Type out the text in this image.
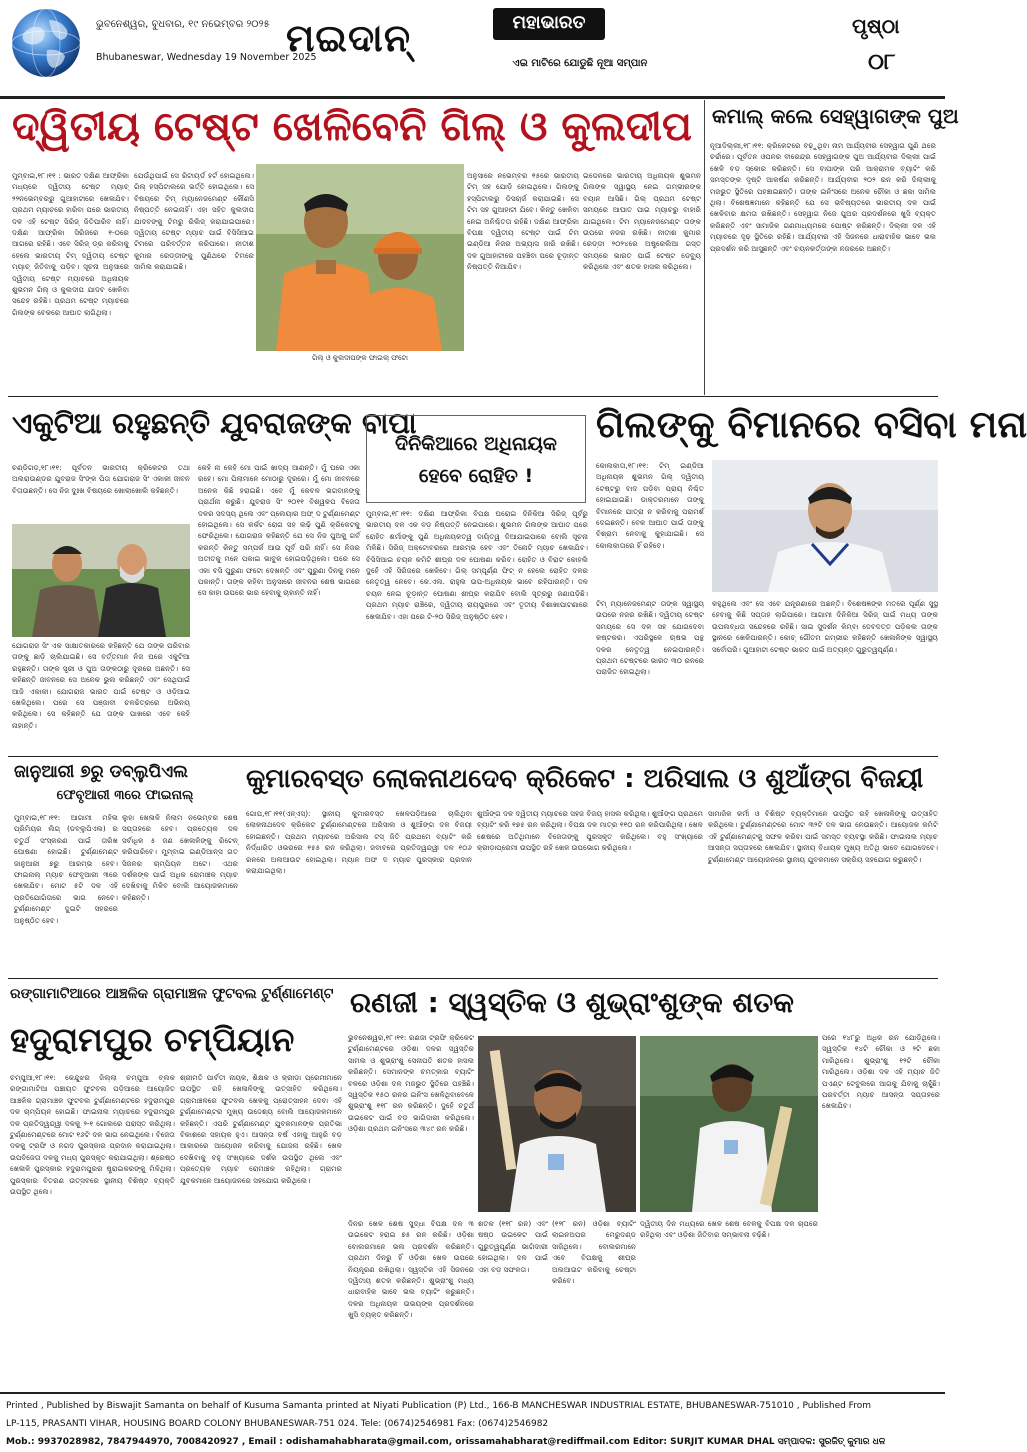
ଭୁବନେଶ୍ୱର, ବୁଧବାର, ୧୯ ନଭେମ୍ବର ୨୦୨୫
Bhubaneswar, Wednesday 19 November 2025
ମଇଦାନ୍	ମହାଭାରତ
ଏଇ ମାଟିରେ ଯୋଡୁଛି ନୂଆ ସମ୍ପାନ
ପୃଷ୍ଠା
୦୮
ଦ୍ୱିତୀୟ ଟେଷ୍ଟ ଖେଳିବେନି ଗିଲ୍ ଓ କୁଲଦୀପ
ମୁମ୍ବାଇ,୧୮।୧୧ : ଭାରତ ଦକ୍ଷିଣ ଆଫ୍ରିକା ମଧ୍ୟରେ ଦ୍ୱିତୀୟ ଟେଷ୍ଟ ମ୍ୟାଚ୍ ୨୨ନଭେମ୍ବରରୁ ଗୁଆହାଟୀରେ ଖେଳାଯିବ। ପ୍ରଥମ ମ୍ୟାଚରେ ହାରିବା ପରେ ଭାରତୀୟ ଦଳ ଏହି ଟେଷ୍ଟ ସିରିଜ୍ ଜିତିପାରିବ ନାହିଁ। ଦକ୍ଷିଣ ଆଫ୍ରିକା ସିରିଜରେ ୧-୦ରେ ଆଗରେ ରହିଛି। ଏବେ ସିରିଜ୍ ଡ୍ର କରିବାକୁ ହେଲେ ଭାରତୀୟ ଟିମ୍ ଦ୍ୱିତୀୟ ଟେଷ୍ଟ ମ୍ୟାଚ୍ ଜିତିବାକୁ ପଡ଼ିବ। ସୂଚନା ଅନୁସାରେ ଦ୍ୱିତୀୟ ଟେଷ୍ଟ ମ୍ୟାଚରେ ଅଧିନାୟକ ଶୁଭମନ ଗିଲ୍ ଓ କୁଲଦୀପ ଯାଦବ ଖେଳିବା ସନ୍ଦେହ ରହିଛି। ପ୍ରଥମ ଟେଷ୍ଟ ମ୍ୟାଚରେ ଗିଲଙ୍କ ବେକରେ ଆଘାତ ଲାଗିଥିଲା।
ଯେଉଁଥିପାଇଁ ସେ ରିଟାୟର୍ଡ ହର୍ଟ ହୋଇଥିଲେ। ଗିଲ୍ ହସ୍ପିଟାଲରେ ଭର୍ତ୍ତି ହୋଇଥିଲେ। ସେ ବିଷୟରେ ଟିମ୍ ମ୍ୟାନେଜମେଣ୍ଟ କୌଣସି ନିଷ୍ପତ୍ତି ନେଇନାହିଁ। ଏହା ସହିତ କୁଲଦୀପ ଯାଦବଙ୍କୁ ଟିମରୁ ରିଲିଜ୍ କରାଯାଇପାରେ। ଦ୍ୱିତୀୟ ଟେଷ୍ଟ ମ୍ୟାଚ ପାଇଁ ବିସିସିଆଇ ଟିମରେ ପରିବର୍ତ୍ତନ କରିପାରେ। ନୀତୀଶ କୁମାର ରେଡ୍ଡୀଙ୍କୁ ପୁଣିଥରେ ଟିମରେ ସାମିଲ କରାଯାଇଛି।
ଗିଲ୍ ଓ କୁଲଦୀପଙ୍କ ଫାଇଲ୍ ଫଟୋ
ଅନୁସାରେ ନଭେମ୍ବର ୧୫ରେ ଭାରତୀୟ ଟିମ୍ ସହ ଯୋଡ଼ି ହୋଇଥିଲେ। ଗିଲଙ୍କୁ ହସ୍ପିଟାଲରୁ ଡିସଚାର୍ଜ କରାଯାଇଛି। ସେ ଟିମ ସହ ଗୁଆହାଟୀ ଯିବେ। କିନ୍ତୁ ଖେଳିବା ନେଇ ଅନିଶ୍ଚିତତା ରହିଛି। ଦକ୍ଷିଣ ଆଫ୍ରିକା ବିପକ୍ଷ ଦ୍ୱିତୀୟ ଟେଷ୍ଟ ପାଇଁ ଟିମ ଇଣ୍ଡିଆ ନିଜର ଅଭ୍ୟାସ ଜାରି ରଖିଛି। ଦଳ ଗୁଆହାଟୀରେ ପହଞ୍ଚିବା ପରେ ଚୂଡ଼ାନ୍ତ ନିଷ୍ପତ୍ତି ନିଆଯିବ।
ଇଡେନରେ ଭାରତୀୟ ଅଧିନାୟକ ଶୁଭମନ ଗିଲଙ୍କ ସ୍ୱାସ୍ଥ୍ୟ ନେଇ ଗମ୍ଭୀରଙ୍କ ବୟାନ ଆସିଛି। ଗିଲ୍ ପ୍ରଥମ ଟେଷ୍ଟ ସମୟରେ ଆଘାତ ପାଇ ମ୍ୟାଚରୁ ବାହାରି ଯାଇଥିଲେ। ଟିମ ମ୍ୟାନେଜମେଣ୍ଟ ତାଙ୍କ ଉପରେ ନଜର ରଖିଛି। ନୀତୀଶ କୁମାର ରେଡ୍ଡୀ ୨୦୨୪ରେ ଅଷ୍ଟ୍ରେଲିଆ ଗସ୍ତ ସମୟରେ ଭାରତ ପାଇଁ ଟେଷ୍ଟ ଡେବ୍ୟୁ କରିଥିଲେ ଏବଂ ଶତକ ହାସଲ କରିଥିଲେ।
କମାଲ୍ କଲେ ସେହ୍ୱାଗଙ୍କ ପୁଅ
ନୂଆଦିଲ୍ଲୀ,୧୮।୧୧: କ୍ରିକେଟରେ ବଢ଼ୁଥିବା ନାମ ଆର୍ଯ୍ୟବୀର ସେହ୍ୱାଗ ପୁଣି ଥରେ ଚର୍ଚ୍ଚାରେ। ପୂର୍ବତନ ଓପନର ବୀରେନ୍ଦ୍ର ସେହ୍ୱାଗଙ୍କ ପୁଅ ଆର୍ଯ୍ୟବୀର ଦିଲ୍ଲୀ ପାଇଁ ଖେଳି ବଡ଼ ସ୍କୋର କରିଛନ୍ତି। ସେ ବାପାଙ୍କ ପରି ଆକ୍ରାମକ ବ୍ୟାଟିଂ କରି ସମସ୍ତଙ୍କ ଦୃଷ୍ଟି ଆକର୍ଷଣ କରିଛନ୍ତି। ଆର୍ଯ୍ୟବୀର ୨୦୨ ରନ କରି ଦିଲ୍ଲୀକୁ ମଜଭୁତ ସ୍ଥିତିରେ ପହଞ୍ଚାଇଛନ୍ତି। ତାଙ୍କ ଇନିଂସରେ ଅନେକ ଚୌକା ଓ ଛକା ସାମିଲ ଥିଲା। ବିଶେଷଜ୍ଞମାନେ କହିଛନ୍ତି ଯେ ସେ ଭବିଷ୍ୟତରେ ଭାରତୀୟ ଦଳ ପାଇଁ ଖେଳିବାର କ୍ଷମତା ରଖିଛନ୍ତି। ସେହ୍ୱାଗ ନିଜେ ପୁଅର ପ୍ରଦର୍ଶନରେ ଖୁସି ବ୍ୟକ୍ତ କରିଛନ୍ତି ଏବଂ ସାମାଜିକ ଗଣମାଧ୍ୟମରେ ପୋଷ୍ଟ କରିଛନ୍ତି। ଦିଲ୍ଲୀ ଦଳ ଏହି ମ୍ୟାଚରେ ଦୃଢ଼ ସ୍ଥିତିରେ ରହିଛି। ଆର୍ଯ୍ୟବୀର ଏହି ସିଜନରେ ଧାରାବାହିକ ଭାବେ ଭଲ ପ୍ରଦର୍ଶନ କରି ଆସୁଛନ୍ତି ଏବଂ ଚୟନକର୍ତ୍ତାଙ୍କ ନଜରରେ ଅଛନ୍ତି।
ଏକୁଟିଆ ରହୁଛନ୍ତି ଯୁବରାଜଙ୍କ ବାପା
ଚଣ୍ଡିଗଡ଼,୧୮।୧୧: ପୂର୍ବତନ ଭାରତୀୟ କ୍ରିକେଟର ତଥା ଅଲରାଉଣ୍ଡର ଯୁବରାଜ ସିଂଙ୍କ ପିତା ଯୋଗରାଜ ସିଂ ଏକାକୀ ଜୀବନ ବିତାଉଛନ୍ତି। ସେ ନିଜ ଦୁଃଖ ବିଷୟରେ ଖୋଲାଖୋଲି କହିଛନ୍ତି।
ଯୋଗରାଜ ସିଂ ଏକ ସାକ୍ଷାତକାରରେ କହିଛନ୍ତି ଯେ ତାଙ୍କ ପରିବାର ତାଙ୍କୁ ଛାଡ଼ି ଚାଲିଯାଇଛି। ସେ ବର୍ତ୍ତମାନ ନିଜ ଘରେ ଏକୁଟିଆ ରହୁଛନ୍ତି। ତାଙ୍କ ସ୍ତ୍ରୀ ଓ ପୁଅ ତାଙ୍କଠାରୁ ଦୂରରେ ଅଛନ୍ତି। ସେ କହିଛନ୍ତି ଜୀବନରେ ସେ ଅନେକ ଭୁଲ କରିଛନ୍ତି ଏବଂ ସେଥିପାଇଁ ଆଜି ଏକାକୀ। ଯୋଗରାଜ ଭାରତ ପାଇଁ ଟେଷ୍ଟ ଓ ଓଡ଼ିଆଇ ଖେଳିଥିଲେ। ପରେ ସେ ପଞ୍ଜାବୀ ଚଳଚ୍ଚିତ୍ରରେ ଅଭିନୟ କରିଥିଲେ। ସେ କହିଛନ୍ତି ଯେ ତାଙ୍କ ପାଖରେ ଏବେ କେହି ନାହାନ୍ତି।
କେହି ନା କେହି ମୋ ପାଇଁ ଖାଦ୍ୟ ଆଣନ୍ତି। ମୁଁ ଘରେ ଏକା ରହେ। ମୋ ପିଲାମାନେ ମୋଠାରୁ ଦୂରରେ। ମୁଁ ମୋ ଜୀବନରେ ଅନେକ କିଛି ହରାଇଛି। ଏବେ ମୁଁ କେବଳ ଭଗବାନଙ୍କୁ ପ୍ରାର୍ଥନା କରୁଛି। ଯୁବରାଜ ସିଂ ୨୦୧୧ ବିଶ୍ୱକପ ବିଜେତା ଦଳର ସଦସ୍ୟ ଥିଲେ ଏବଂ ପ୍ଲେୟାର ଅଫ୍ ଦ ଟୁର୍ଣ୍ଣାମେଣ୍ଟ ହୋଇଥିଲେ। ସେ କର୍କଟ ରୋଗ ସହ ଲଢ଼ି ପୁଣି କ୍ରିକେଟକୁ ଫେରିଥିଲେ। ଯୋଗରାଜ କହିଛନ୍ତି ଯେ ସେ ନିଜ ପୁଅକୁ ଗର୍ବ କରନ୍ତି କିନ୍ତୁ ସମ୍ପର୍କ ଆଉ ପୂର୍ବ ପରି ନାହିଁ। ସେ ନିଜର ଅତୀତକୁ ମନେ ପକାଇ ଭାବୁକ ହୋଇପଡ଼ିଥିଲେ। ଘରେ ସେ ଏକା ବସି ପୁରୁଣା ଫଟୋ ଦେଖନ୍ତି ଏବଂ ପୁରୁଣା ଦିନକୁ ମନେ ପକାନ୍ତି। ତାଙ୍କ କହିବା ଅନୁସାରେ ଜୀବନର ଶେଷ ଭାଗରେ ସେ କାହା ଉପରେ ଭାର ହେବାକୁ ଚାହାନ୍ତି ନାହିଁ।
ଦିନିକିଆରେ ଅଧିନାୟକ ହେବେ ରୋହିତ !
ମୁମ୍ବାଇ,୧୮।୧୧: ଦକ୍ଷିଣ ଆଫ୍ରିକା ବିପକ୍ଷ ଘରୋଇ ଦିନିକିଆ ସିରିଜ୍ ପୂର୍ବରୁ ଭାରତୀୟ ଦଳ ଏକ ବଡ଼ ନିଷ୍ପତ୍ତି ନେଇପାରେ। ଶୁଭମନ ଗିଲଙ୍କ ଆଘାତ ପରେ ରୋହିତ ଶର୍ମାଙ୍କୁ ପୁଣି ଅଧିନାୟକତ୍ୱ ଦାୟିତ୍ୱ ଦିଆଯାଇପାରେ ବୋଲି ସୂଚନା ମିଳିଛି। ସିରିଜ୍ ଅକ୍ଟୋବରରେ ଆରମ୍ଭ ହେବ ଏବଂ ତିନୋଟି ମ୍ୟାଚ ଖେଳାଯିବ। ବିସିସିଆଇ ଚୟନ କମିଟି ଶୀଘ୍ର ଦଳ ଘୋଷଣା କରିବ। ରୋହିତ ଓ ବିରାଟ କୋହଲି ଦୁହେଁ ଏହି ସିରିଜରେ ଖେଳିବେ। ଗିଲ୍ ସମ୍ପୂର୍ଣ୍ଣ ଫିଟ୍ ନ ହେଲେ ରୋହିତ ଦଳର ନେତୃତ୍ୱ ନେବେ। କେ.ଏଲ. ରାହୁଲ ଉପ-ଅଧିନାୟକ ଭାବେ ରହିପାରନ୍ତି। ଦଳ ଚୟନ ନେଇ ଚୂଡ଼ାନ୍ତ ଘୋଷଣା ଶୀଘ୍ର କରାଯିବ ବୋଲି ସୂତ୍ରରୁ ଜଣାପଡ଼ିଛି। ପ୍ରଥମ ମ୍ୟାଚ ରାଞ୍ଚିରେ, ଦ୍ୱିତୀୟ ରାୟପୁରରେ ଏବଂ ତୃତୀୟ ବିଶାଖାପାଟଣାରେ ଖେଳାଯିବ। ଏହା ପରେ ଟି-୨୦ ସିରିଜ୍ ଅନୁଷ୍ଠିତ ହେବ।
ଗିଲଙ୍କୁ ବିମାନରେ ବସିବା ମନା
କୋଲକାତା,୧୮।୧୧: ଟିମ୍ ଇଣ୍ଡିଆ ଅଧିନାୟକ ଶୁଭମନ ଗିଲ୍ ଦ୍ୱିତୀୟ ଟେଷ୍ଟରୁ ବାଦ ପଡ଼ିବା ପ୍ରାୟ ନିଶ୍ଚିତ ହୋଇଯାଇଛି। ଡାକ୍ତରମାନେ ତାଙ୍କୁ ବିମାନରେ ଯାତ୍ରା ନ କରିବାକୁ ପରାମର୍ଶ ଦେଇଛନ୍ତି। ବେକ ଆଘାତ ପାଇଁ ତାଙ୍କୁ ବିଶ୍ରାମ ନେବାକୁ କୁହାଯାଇଛି। ସେ କୋଲକାତାରେ ହିଁ ରହିବେ।
ଟିମ୍ ମ୍ୟାନେଜମେଣ୍ଟ ତାଙ୍କ ସ୍ୱାସ୍ଥ୍ୟ ଉପରେ ନଜର ରଖିଛି। ଦ୍ୱିତୀୟ ଟେଷ୍ଟ ସମୟରେ ସେ ଦଳ ସହ ଯୋଗଦେବା କଷ୍ଟକର। ଏପରିସ୍ଥଳେ ଋଷଭ ପନ୍ଥ ଦଳର ନେତୃତ୍ୱ ନେଇପାରନ୍ତି। ପ୍ରଥମ ଟେଷ୍ଟରେ ଭାରତ ୩୦ ରନରେ ପରାଜିତ ହୋଇଥିଲା।
କହୁଥିଲେ ଏବଂ ସେ ଏବେ ଯନ୍ତ୍ରଣାରେ ଅଛନ୍ତି। ବିଶେଷଜ୍ଞଙ୍କ ମତରେ ପୂର୍ଣ୍ଣ ସୁସ୍ଥ ହେବାକୁ କିଛି ସପ୍ତାହ ଲାଗିପାରେ। ଆଗାମୀ ଦିନିକିଆ ସିରିଜ୍ ପାଇଁ ମଧ୍ୟ ତାଙ୍କ ଉପଲବ୍ଧତା ସନ୍ଦେହରେ ରହିଛି। ସାଇ ସୁଦର୍ଶନ କିମ୍ବା ଦେବଦତ୍ତ ପଡ଼ିକଲ ତାଙ୍କ ସ୍ଥାନରେ ଖେଳିପାରନ୍ତି। କୋଚ୍ ଗୌତମ ଗମ୍ଭୀର କହିଛନ୍ତି ଖେଳାଳିଙ୍କ ସ୍ୱାସ୍ଥ୍ୟ ସର୍ବୋପରି। ଗୁଆହାଟୀ ଟେଷ୍ଟ ଭାରତ ପାଇଁ ଅତ୍ୟନ୍ତ ଗୁରୁତ୍ୱପୂର୍ଣ୍ଣ।
ଜାନୁଆରୀ ୭ରୁ ଡବ୍ଲୁପିଏଲ
ଫେବୃଆରୀ ୩ରେ ଫାଇନାଲ୍
ମୁମ୍ବାଇ,୧୮।୧୧: ଆଗାମୀ ମହିଳା ପ୍ରିମିୟର ଲିଗ୍ (ଡବ୍ଲୁପିଏଲ) ର ଚତୁର୍ଥ ସଂସ୍କରଣ ପାଇଁ ତାରିଖ ଘୋଷଣା ହୋଇଛି। ଟୁର୍ଣ୍ଣାମେଣ୍ଟ ଜାନୁଆରୀ ୭ରୁ ଆରମ୍ଭ ହେବ। ଫାଇନାଲ୍ ମ୍ୟାଚ ଫେବୃଆରୀ ୩ରେ ଖେଳାଯିବ। ମୋଟ ୫ଟି ଦଳ ଏହି ପ୍ରତିଯୋଗିତାରେ ଭାଗ ନେବେ। ଟୁର୍ଣ୍ଣାମେଣ୍ଟ ଦୁଇଟି ସହରରେ ଅନୁଷ୍ଠିତ ହେବ।
ଲୁହା ଖେଳାଳି ନିଲାମ ନଭେମ୍ବର ଶେଷ ସପ୍ତାହରେ ହେବ। ପ୍ରତ୍ୟେକ ଦଳ ସର୍ବାଧିକ ୫ ଜଣ ଖେଳାଳିଙ୍କୁ ରିଟେନ୍ କରିପାରିବେ। ମୁମ୍ବାଇ ଇଣ୍ଡିଆନ୍ସ ଗତ ସିଜନର ଚାମ୍ପିୟନ ଅଟେ। ଏଥର ଦର୍ଶକଙ୍କ ପାଇଁ ଅଧିକ ରୋମାଞ୍ଚକ ମ୍ୟାଚ ଦେଖିବାକୁ ମିଳିବ ବୋଲି ଆୟୋଜକମାନେ କହିଛନ୍ତି।
କୁମାରବସ୍ତ ଲୋକନାଥଦେବ କ୍ରିକେଟ : ଅରିସାଲ ଓ ଶୁଆଁଙ୍ଗ ବିଜୟୀ
ଗୋପ,୧୮।୧୧(ଏନ୍‌ଏସ୍): ସ୍ଥାନୀୟ କୁମାରବସ୍ତ ଖେଳପଡ଼ିଆରେ ଚାଲିଥିବା ଲୋକନାଥଦେବ କ୍ରିକେଟ ଟୁର୍ଣ୍ଣାମେଣ୍ଟରେ ଅରିସାଲ ଓ ଶୁଆଁଙ୍ଗ ଦଳ ବିଜୟୀ ହୋଇଛନ୍ତି। ପ୍ରଥମ ମ୍ୟାଚରେ ଅରିସାଲ ଟସ୍ ଜିତି ପ୍ରଥମେ ବ୍ୟାଟିଂ କରି ନିର୍ଦ୍ଧାରିତ ଓଭରରେ ୧୫୫ ରନ କରିଥିଲା। ଜବାବରେ ପ୍ରତିଦ୍ୱନ୍ଦ୍ୱୀ ଦଳ ୧୦୬ ରନରେ ଅଲଆଉଟ ହୋଇଥିଲା। ମ୍ୟାନ ଅଫ ଦ ମ୍ୟାଚ ପୁରସ୍କାର ପ୍ରଦାନ କରାଯାଇଥିଲା।
ଶୁଆଁଙ୍ଗ ଦଳ ଦ୍ୱିତୀୟ ମ୍ୟାଚରେ ସହଜ ବିଜୟ ହାସଲ କରିଥିଲା। ଶୁଆଁଙ୍ଗ ପ୍ରଥମେ ବ୍ୟାଟିଂ କରି ୧୭୫ ରନ କରିଥିଲା। ବିପକ୍ଷ ଦଳ ମାତ୍ର ୧୧୦ ରନ କରିପାରିଥିଲା। ଖେଳ ଶେଷରେ ଅତିଥିମାନେ ବିଜେତାଙ୍କୁ ପୁରସ୍କୃତ କରିଥିଲେ। ବହୁ ସଂଖ୍ୟାରେ କ୍ରୀଡ଼ାପ୍ରେମୀ ଉପସ୍ଥିତ ରହି ଖେଳ ଉପଭୋଗ କରିଥିଲେ।
ସାମାଜିକ କର୍ମୀ ଓ ବିଶିଷ୍ଟ ବ୍ୟକ୍ତିମାନେ ଉପସ୍ଥିତ ରହି ଖେଳାଳିଙ୍କୁ ଉତ୍ସାହିତ କରିଥିଲେ। ଟୁର୍ଣ୍ଣାମେଣ୍ଟରେ ମୋଟ ୩୨ଟି ଦଳ ଭାଗ ନେଉଛନ୍ତି। ଆୟୋଜକ କମିଟି ଏହି ଟୁର୍ଣ୍ଣାମେଣ୍ଟକୁ ସଫଳ କରିବା ପାଇଁ ସମସ୍ତ ବ୍ୟବସ୍ଥା କରିଛି। ଫାଇନାଲ ମ୍ୟାଚ ଆସନ୍ତା ସପ୍ତାହରେ ଖେଳାଯିବ। ସ୍ଥାନୀୟ ବିଧାୟକ ମୁଖ୍ୟ ଅତିଥି ଭାବେ ଯୋଗଦେବେ। ଟୁର୍ଣ୍ଣାମେଣ୍ଟ ଆୟୋଜନରେ ସ୍ଥାନୀୟ ଯୁବକମାନେ ସକ୍ରିୟ ସହଯୋଗ କରୁଛନ୍ତି।
ରଙ୍ଗାମାଟିଆରେ ଆଞ୍ଚଳିକ ଗ୍ରାମାଞ୍ଚଳ ଫୁଟବଲ ଟୁର୍ଣ୍ଣାମେଣ୍ଟ
ହଦୁରାମପୁର ଚମ୍ପିୟାନ
ଚମ୍ପୁଆ,୧୮।୧୧: କେନ୍ଦୁଝର ଜିଲ୍ଲା ଚମ୍ପୁଆ ବ୍ଲକ ରଙ୍ଗାମାଟିଆ ପଞ୍ଚାୟତ ଫୁଟବଲ ପଡ଼ିଆରେ ଆୟୋଜିତ ଆଞ୍ଚଳିକ ଗ୍ରାମାଞ୍ଚଳ ଫୁଟବଲ ଟୁର୍ଣ୍ଣାମେଣ୍ଟରେ ହଦୁରାମପୁର ଦଳ ଚାମ୍ପିୟନ ହୋଇଛି। ଫାଇନାଲ ମ୍ୟାଚରେ ହଦୁରାମପୁର ଦଳ ପ୍ରତିଦ୍ୱନ୍ଦ୍ୱୀ ଦଳକୁ ୨-୧ ଗୋଲରେ ପରାସ୍ତ କରିଥିଲା। ଟୁର୍ଣ୍ଣାମେଣ୍ଟରେ ମୋଟ ୧୬ଟି ଦଳ ଭାଗ ନେଇଥିଲେ। ବିଜେତା ଦଳକୁ ଟ୍ରଫି ଓ ନଗଦ ପୁରସ୍କାର ପ୍ରଦାନ କରାଯାଇଥିଲା। ଉପବିଜେତା ଦଳକୁ ମଧ୍ୟ ପୁରସ୍କୃତ କରାଯାଇଥିଲା। ଶ୍ରେଷ୍ଠ ଖେଳାଳି ପୁରସ୍କାର ହଦୁରାମପୁରର ଷ୍ଟ୍ରାଇକରଙ୍କୁ ମିଳିଥିଲା। ପୁରସ୍କାର ବିତରଣ ଉତ୍ସବରେ ସ୍ଥାନୀୟ ବିଶିଷ୍ଟ ବ୍ୟକ୍ତି ଉପସ୍ଥିତ ଥିଲେ।
ଶ୍ରୀମତି ପାର୍ବତୀ ନାୟକ, ଶିକ୍ଷକ ଓ କ୍ରୀଡ଼ା ପ୍ରେମୀମାନେ ଉପସ୍ଥିତ ରହି ଖେଳାଳିଙ୍କୁ ଉତ୍ସାହିତ କରିଥିଲେ। ଗ୍ରାମାଞ୍ଚଳରେ ଫୁଟବଲ ଖେଳକୁ ପ୍ରୋତ୍ସାହନ ଦେବା ଏହି ଟୁର୍ଣ୍ଣାମେଣ୍ଟର ମୁଖ୍ୟ ଉଦ୍ଦେଶ୍ୟ ବୋଲି ଆୟୋଜକମାନେ କହିଛନ୍ତି। ଏପରି ଟୁର୍ଣ୍ଣାମେଣ୍ଟ ଯୁବକମାନଙ୍କ ପ୍ରତିଭା ବିକାଶରେ ସହାୟକ ହୁଏ। ଆସନ୍ତା ବର୍ଷ ଏହାକୁ ଆହୁରି ବଡ଼ ଆକାରରେ ଆୟୋଜନ କରିବାକୁ ଯୋଜନା ରହିଛି। ଖେଳ ଦେଖିବାକୁ ବହୁ ସଂଖ୍ୟାରେ ଦର୍ଶକ ଉପସ୍ଥିତ ଥିଲେ ଏବଂ ପ୍ରତ୍ୟେକ ମ୍ୟାଚ ରୋମାଞ୍ଚକ ରହିଥିଲା। ଗ୍ରାମର ଯୁବକମାନେ ଆୟୋଜନରେ ସହଯୋଗ କରିଥିଲେ।
ରଣଜୀ : ସ୍ୱସ୍ତିକ ଓ ଶୁଭ୍ରାଂଶୁଙ୍କ ଶତକ
ଭୁବନେଶ୍ୱର,୧୮।୧୧: ରଣଜୀ ଟ୍ରଫି କ୍ରିକେଟ ଟୁର୍ଣ୍ଣାମେଣ୍ଟରେ ଓଡ଼ିଶା ଦଳର ସ୍ୱସ୍ତିକ ସାମଲ ଓ ଶୁଭ୍ରାଂଶୁ ସେନାପତି ଶତକ ହାସଲ କରିଛନ୍ତି। ସେମାନଙ୍କ ଚମତ୍କାର ବ୍ୟାଟିଂ ବଳରେ ଓଡ଼ିଶା ଦଳ ମଜଭୁତ ସ୍ଥିତିରେ ପହଞ୍ଚିଛି। ସ୍ୱସ୍ତିକ ୧୫୦ ରନର ଇନିଂସ ଖେଳିଥିବାବେଳେ ଶୁଭ୍ରାଂଶୁ ୧୧୮ ରନ କରିଛନ୍ତି। ଦୁହେଁ ଚତୁର୍ଥ ଉଇକେଟ ପାଇଁ ବଡ଼ ଭାଗିଦାରୀ କରିଥିଲେ। ଓଡ଼ିଶା ପ୍ରଥମ ଇନିଂସରେ ୩୪୯ ରନ କରିଛି।
ପରେ ୧୪୮ରୁ ଅଧିକ ରନ ଯୋଡ଼ିଥିଲେ। ସ୍ୱସ୍ତିକ ୧୪ଟି ଚୌକା ଓ ୨ଟି ଛକା ମାରିଥିଲେ। ଶୁଭ୍ରାଂଶୁ ୧୨ଟି ଚୌକା ମାରିଥିଲେ। ଓଡ଼ିଶା ଦଳ ଏହି ମ୍ୟାଚ ଜିତି ପଏଣ୍ଟ ଟେବୁଲରେ ଆଗକୁ ଯିବାକୁ ଚାହୁଁଛି। ପରବର୍ତ୍ତୀ ମ୍ୟାଚ ଆସନ୍ତା ସପ୍ତାହରେ ଖେଳାଯିବ।
ଦିନର ଖେଳ ଶେଷ ସୁଦ୍ଧା ବିପକ୍ଷ ଦଳ ୩ ଉଇକେଟ ହରାଇ ୭୫ ରନ କରିଛି। ଓଡ଼ିଶା ବୋଲରମାନେ ଭଲ ପ୍ରଦର୍ଶନ କରିଛନ୍ତି। ପ୍ରଥମ ଦିନରୁ ହିଁ ଓଡ଼ିଶା ଖେଳ ଉପରେ ନିୟନ୍ତ୍ରଣ ରଖିଥିଲା। ସ୍ୱସ୍ତିକ ଏହି ସିଜନରେ ଦ୍ୱିତୀୟ ଶତକ କରିଛନ୍ତି। ଶୁଭ୍ରାଂଶୁ ମଧ୍ୟ ଧାରାବାହିକ ଭାବେ ଭଲ ବ୍ୟାଟିଂ କରୁଛନ୍ତି। ଦଳର ଅଧିନାୟକ ଉଭୟଙ୍କ ପ୍ରଦର୍ଶନରେ ଖୁସି ବ୍ୟକ୍ତ କରିଛନ୍ତି।
ଶତକ (୧୧୮ ରନ) ଏବଂ ଷଷ୍ଠ ଉଇକେଟ ପାଇଁ ଗୁରୁତ୍ୱପୂର୍ଣ୍ଣ ଭାଗିଦାରୀ ହୋଇଥିଲା। ଦଳ ପାଇଁ ଏହା ବଡ଼ ସଫଳତା।
(୧୨୮ ରନ) ଓଡ଼ିଶା ବ୍ୟାଟିଂ ଲାଇନଅପର ମେରୁଦଣ୍ଡ ସାଜିଥିଲେ। ବୋଲରମାନେ ଏବେ ବିପକ୍ଷକୁ ଶୀଘ୍ର ଅଲଆଉଟ କରିବାକୁ ଚେଷ୍ଟା କରିବେ।
ଦ୍ୱିତୀୟ ଦିନ ମଧ୍ୟରେ ଖେଳ ଶେଷ ବେଳକୁ ବିପକ୍ଷ ଦଳ ଚାପରେ ରହିଥିଲା ଏବଂ ଓଡ଼ିଶା ଜିତିବାର ସମ୍ଭାବନା ବଢ଼ିଛି।
Printed , Published by Biswajit Samanta on behalf of Kusuma Samanta printed at Niyati Publication (P) Ltd., 166-B MANCHESWAR INDUSTRIAL ESTATE, BHUBANESWAR-751010 , Published From
LP-115, PRASANTI VIHAR, HOUSING BOARD COLONY BHUBANESWAR-751 024. Tele: (0674)2546981 Fax: (0674)2546982
Mob.: 9937028982, 7847944970, 7008420927 , Email : odishamahabharata@gmail.com, orissamahabharat@rediffmail.com Editor: SURJIT KUMAR DHAL ସମ୍ପାଦକ: ସୁରଜିତ୍ କୁମାର ଧଳ
